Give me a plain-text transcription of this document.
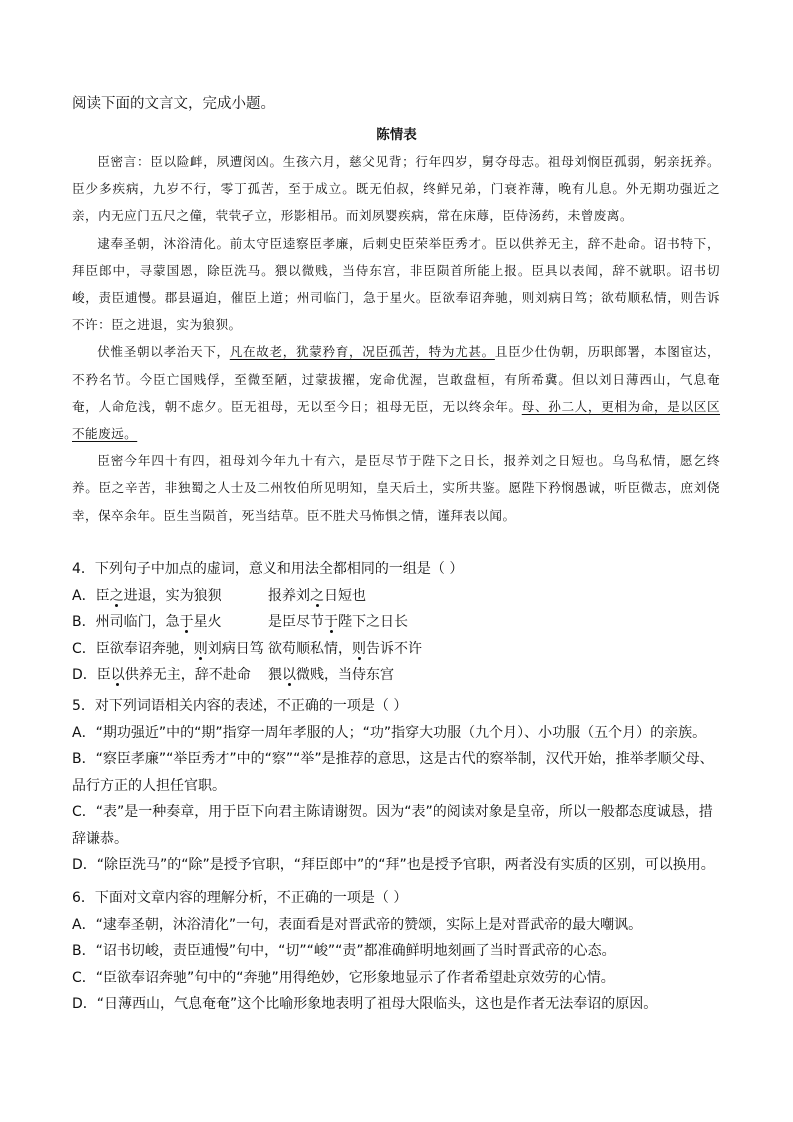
阅读下面的文言文，完成小题。
陈情表

臣密言：臣以险衅，夙遭闵凶。生孩六月，慈父见背；行年四岁，舅夺母志。祖母刘悯臣孤弱，躬亲抚养。臣少多疾病，九岁不行，零丁孤苦，至于成立。既无伯叔，终鲜兄弟，门衰祚薄，晚有儿息。外无期功强近之亲，内无应门五尺之僮，茕茕孑立，形影相吊。而刘夙婴疾病，常在床蓐，臣侍汤药，未曾废离。

逮奉圣朝，沐浴清化。前太守臣逵察臣孝廉，后刺史臣荣举臣秀才。臣以供养无主，辞不赴命。诏书特下，拜臣郎中，寻蒙国恩，除臣洗马。猥以微贱，当侍东宫，非臣陨首所能上报。臣具以表闻，辞不就职。诏书切峻，责臣逋慢。郡县逼迫，催臣上道；州司临门，急于星火。臣欲奉诏奔驰，则刘病日笃；欲苟顺私情，则告诉不许：臣之进退，实为狼狈。

伏惟圣朝以孝治天下，凡在故老，犹蒙矜育，况臣孤苦，特为尤甚。且臣少仕伪朝，历职郎署，本图宦达，不矜名节。今臣亡国贱俘，至微至陋，过蒙拔擢，宠命优渥，岂敢盘桓，有所希冀。但以刘日薄西山，气息奄奄，人命危浅，朝不虑夕。臣无祖母，无以至今日；祖母无臣，无以终余年。母、孙二人，更相为命，是以区区不能废远。

臣密今年四十有四，祖母刘今年九十有六，是臣尽节于陛下之日长，报养刘之日短也。乌鸟私情，愿乞终养。臣之辛苦，非独蜀之人士及二州牧伯所见明知，皇天后土，实所共鉴。愿陛下矜悯愚诚，听臣微志，庶刘侥幸，保卒余年。臣生当陨首，死当结草。臣不胜犬马怖惧之情，谨拜表以闻。

4．下列句子中加点的虚词，意义和用法全都相同的一组是（ ）

A．臣之进退，实为狼狈	报养刘之日短也
B．州司临门，急于星火	是臣尽节于陛下之日长
C．臣欲奉诏奔驰，则刘病日笃 欲苟顺私情，则告诉不许
D．臣以供养无主，辞不赴命	猥以微贱，当侍东宫

5．对下列词语相关内容的表述，不正确的一项是（ ）

A．“期功强近”中的“期”指穿一周年孝服的人；“功”指穿大功服（九个月）、小功服（五个月）的亲族。

B．“察臣孝廉”“举臣秀才”中的“察”“举”是推荐的意思，这是古代的察举制，汉代开始，推举孝顺父母、品行方正的人担任官职。

C．“表”是一种奏章，用于臣下向君主陈请谢贺。因为“表”的阅读对象是皇帝，所以一般都态度诚恳，措辞谦恭。

D．“除臣洗马”的“除”是授予官职，“拜臣郎中”的“拜”也是授予官职，两者没有实质的区别，可以换用。

6．下面对文章内容的理解分析，不正确的一项是（ ）

A．“逮奉圣朝，沐浴清化”一句，表面看是对晋武帝的赞颂，实际上是对晋武帝的最大嘲讽。

B．“诏书切峻，责臣逋慢”句中，“切”“峻”“责”都准确鲜明地刻画了当时晋武帝的心态。

C．“臣欲奉诏奔驰”句中的“奔驰”用得绝妙，它形象地显示了作者希望赴京效劳的心情。

D．“日薄西山，气息奄奄”这个比喻形象地表明了祖母大限临头，这也是作者无法奉诏的原因。
